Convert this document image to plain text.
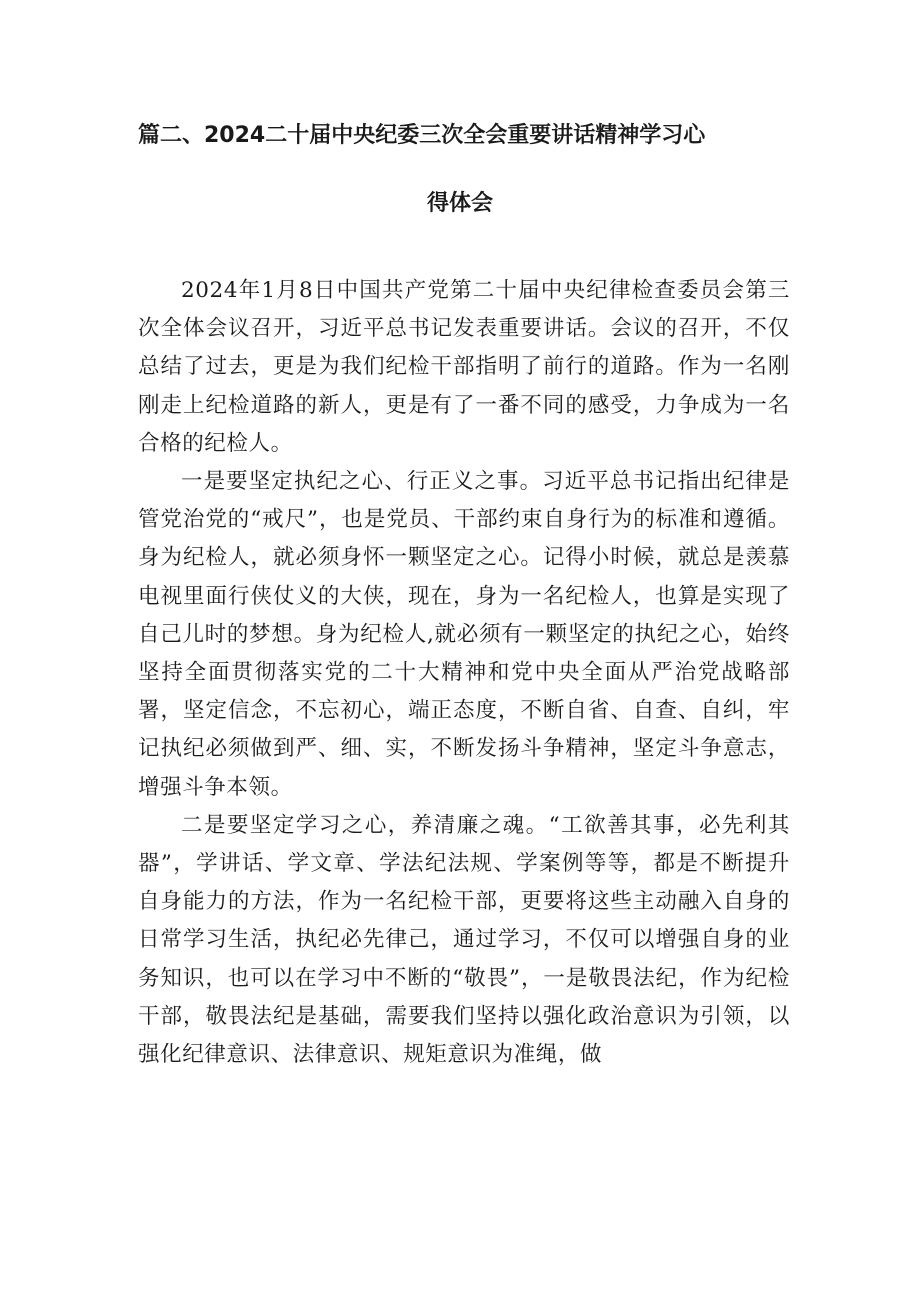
篇二、2024二十届中央纪委三次全会重要讲话精神学习心
得体会

2024年1月8日中国共产党第二十届中央纪律检查委员会第三次全体会议召开，习近平总书记发表重要讲话。会议的召开，不仅总结了过去，更是为我们纪检干部指明了前行的道路。作为一名刚刚走上纪检道路的新人，更是有了一番不同的感受，力争成为一名合格的纪检人。

一是要坚定执纪之心、行正义之事。习近平总书记指出纪律是管党治党的“戒尺”，也是党员、干部约束自身行为的标准和遵循。身为纪检人，就必须身怀一颗坚定之心。记得小时候，就总是羡慕电视里面行侠仗义的大侠，现在，身为一名纪检人，也算是实现了自己儿时的梦想。身为纪检人,就必须有一颗坚定的执纪之心，始终坚持全面贯彻落实党的二十大精神和党中央全面从严治党战略部署，坚定信念，不忘初心，端正态度，不断自省、自查、自纠，牢记执纪必须做到严、细、实，不断发扬斗争精神，坚定斗争意志，增强斗争本领。

二是要坚定学习之心，养清廉之魂。“工欲善其事，必先利其器”，学讲话、学文章、学法纪法规、学案例等等，都是不断提升自身能力的方法，作为一名纪检干部，更要将这些主动融入自身的日常学习生活，执纪必先律己，通过学习，不仅可以增强自身的业务知识，也可以在学习中不断的“敬畏”，一是敬畏法纪，作为纪检干部，敬畏法纪是基础，需要我们坚持以强化政治意识为引领，以强化纪律意识、法律意识、规矩意识为准绳，做
